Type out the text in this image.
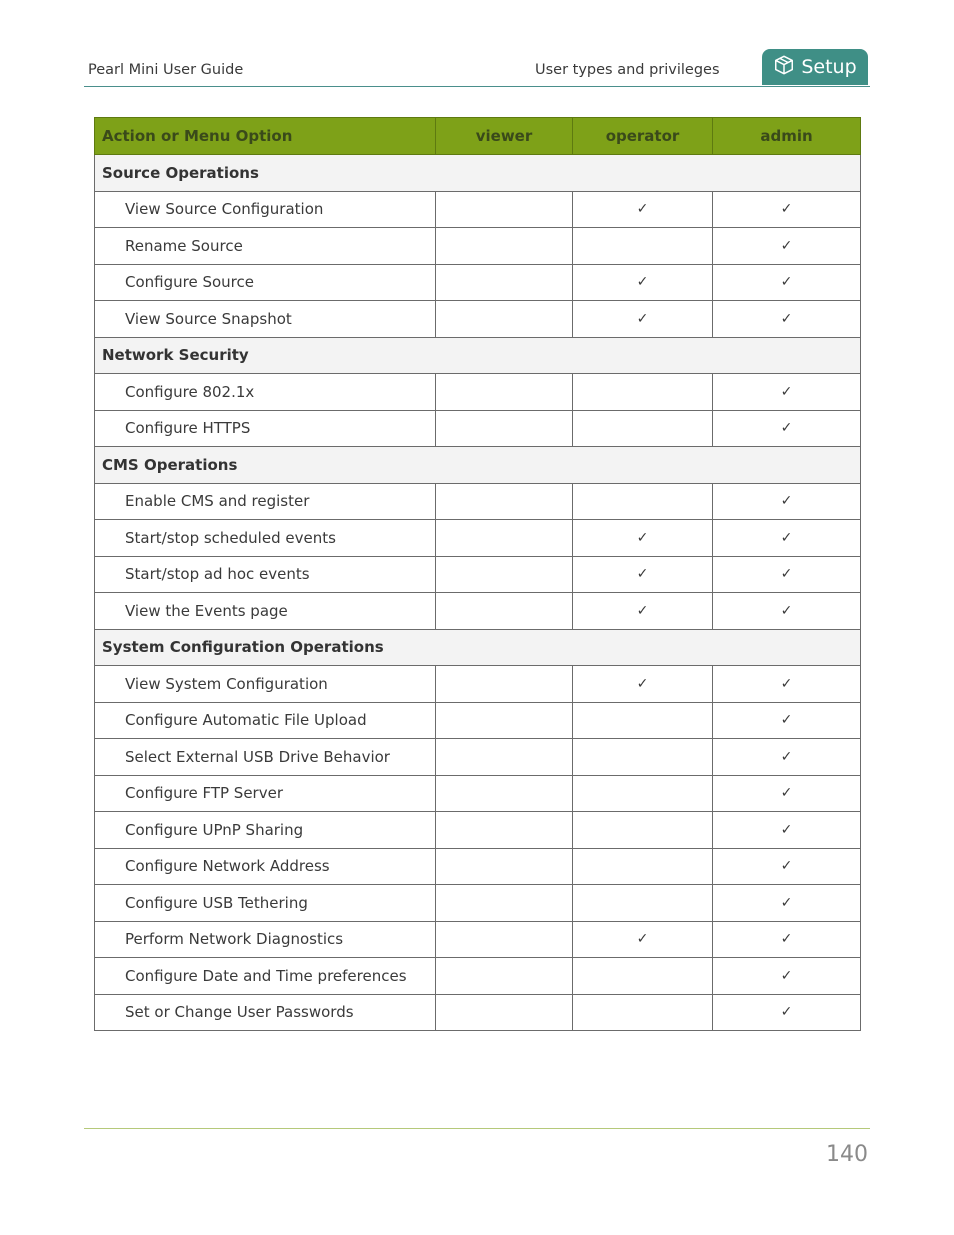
Pearl Mini User Guide	User types and privileges	Setup
Action or Menu Option	viewer	operator	admin
Source Operations			
View Source Configuration		✓	✓
Rename Source			✓
Configure Source		✓	✓
View Source Snapshot		✓	✓
Network Security			
Configure 802.1x			✓
Configure HTTPS			✓
CMS Operations			
Enable CMS and register			✓
Start/stop scheduled events		✓	✓
Start/stop ad hoc events		✓	✓
View the Events page		✓	✓
System Configuration Operations			
View System Configuration		✓	✓
Configure Automatic File Upload			✓
Select External USB Drive Behavior			✓
Configure FTP Server			✓
Configure UPnP Sharing			✓
Configure Network Address			✓
Configure USB Tethering			✓
Perform Network Diagnostics		✓	✓
Configure Date and Time preferences			✓
Set or Change User Passwords			✓
140
